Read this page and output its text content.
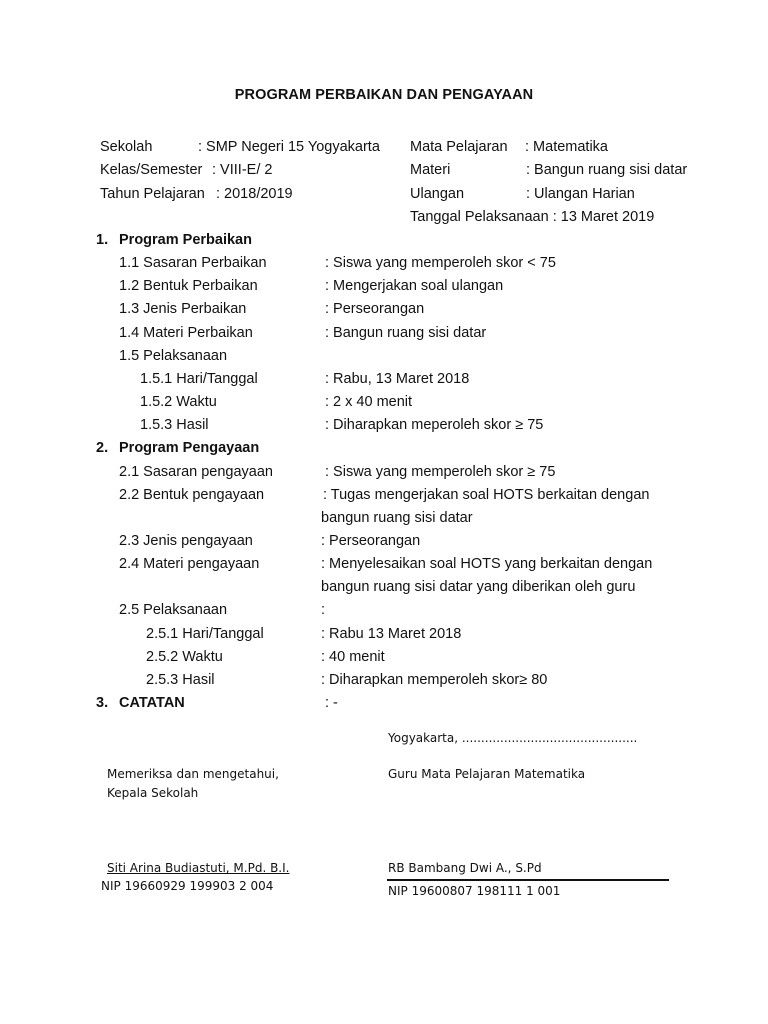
PROGRAM PERBAIKAN DAN PENGAYAAN
Sekolah	: SMP Negeri 15 Yogyakarta Mata Pelajaran : Matematika
Kelas/Semester : VIII-E/ 2	Materi	: Bangun ruang sisi datar
Tahun Pelajaran : 2018/2019	Ulangan	: Ulangan Harian
Tanggal Pelaksanaan : 13 Maret 2019
1. Program Perbaikan
1.1 Sasaran Perbaikan	: Siswa yang memperoleh skor < 75
1.2 Bentuk Perbaikan	: Mengerjakan soal ulangan
1.3 Jenis Perbaikan	: Perseorangan
1.4 Materi Perbaikan	: Bangun ruang sisi datar
1.5 Pelaksanaan
1.5.1 Hari/Tanggal	: Rabu, 13 Maret 2018
1.5.2 Waktu	: 2 x 40 menit
1.5.3 Hasil	: Diharapkan meperoleh skor ≥ 75
2. Program Pengayaan
2.1 Sasaran pengayaan	: Siswa yang memperoleh skor ≥ 75
2.2 Bentuk pengayaan	: Tugas mengerjakan soal HOTS berkaitan dengan
bangun ruang sisi datar
2.3 Jenis pengayaan	: Perseorangan
2.4 Materi pengayaan	: Menyelesaikan soal HOTS yang berkaitan dengan
bangun ruang sisi datar yang diberikan oleh guru
2.5 Pelaksanaan	:
2.5.1 Hari/Tanggal	: Rabu 13 Maret 2018
2.5.2 Waktu	: 40 menit
2.5.3 Hasil	: Diharapkan memperoleh skor≥ 80
3. CATATAN	: -
Yogyakarta, ..............................................
Memeriksa dan mengetahui,
Kepala Sekolah
Guru Mata Pelajaran Matematika
Siti Arina Budiastuti, M.Pd. B.I.
NIP 19660929 199903 2 004
RB Bambang Dwi A., S.Pd
NIP 19600807 198111 1 001
